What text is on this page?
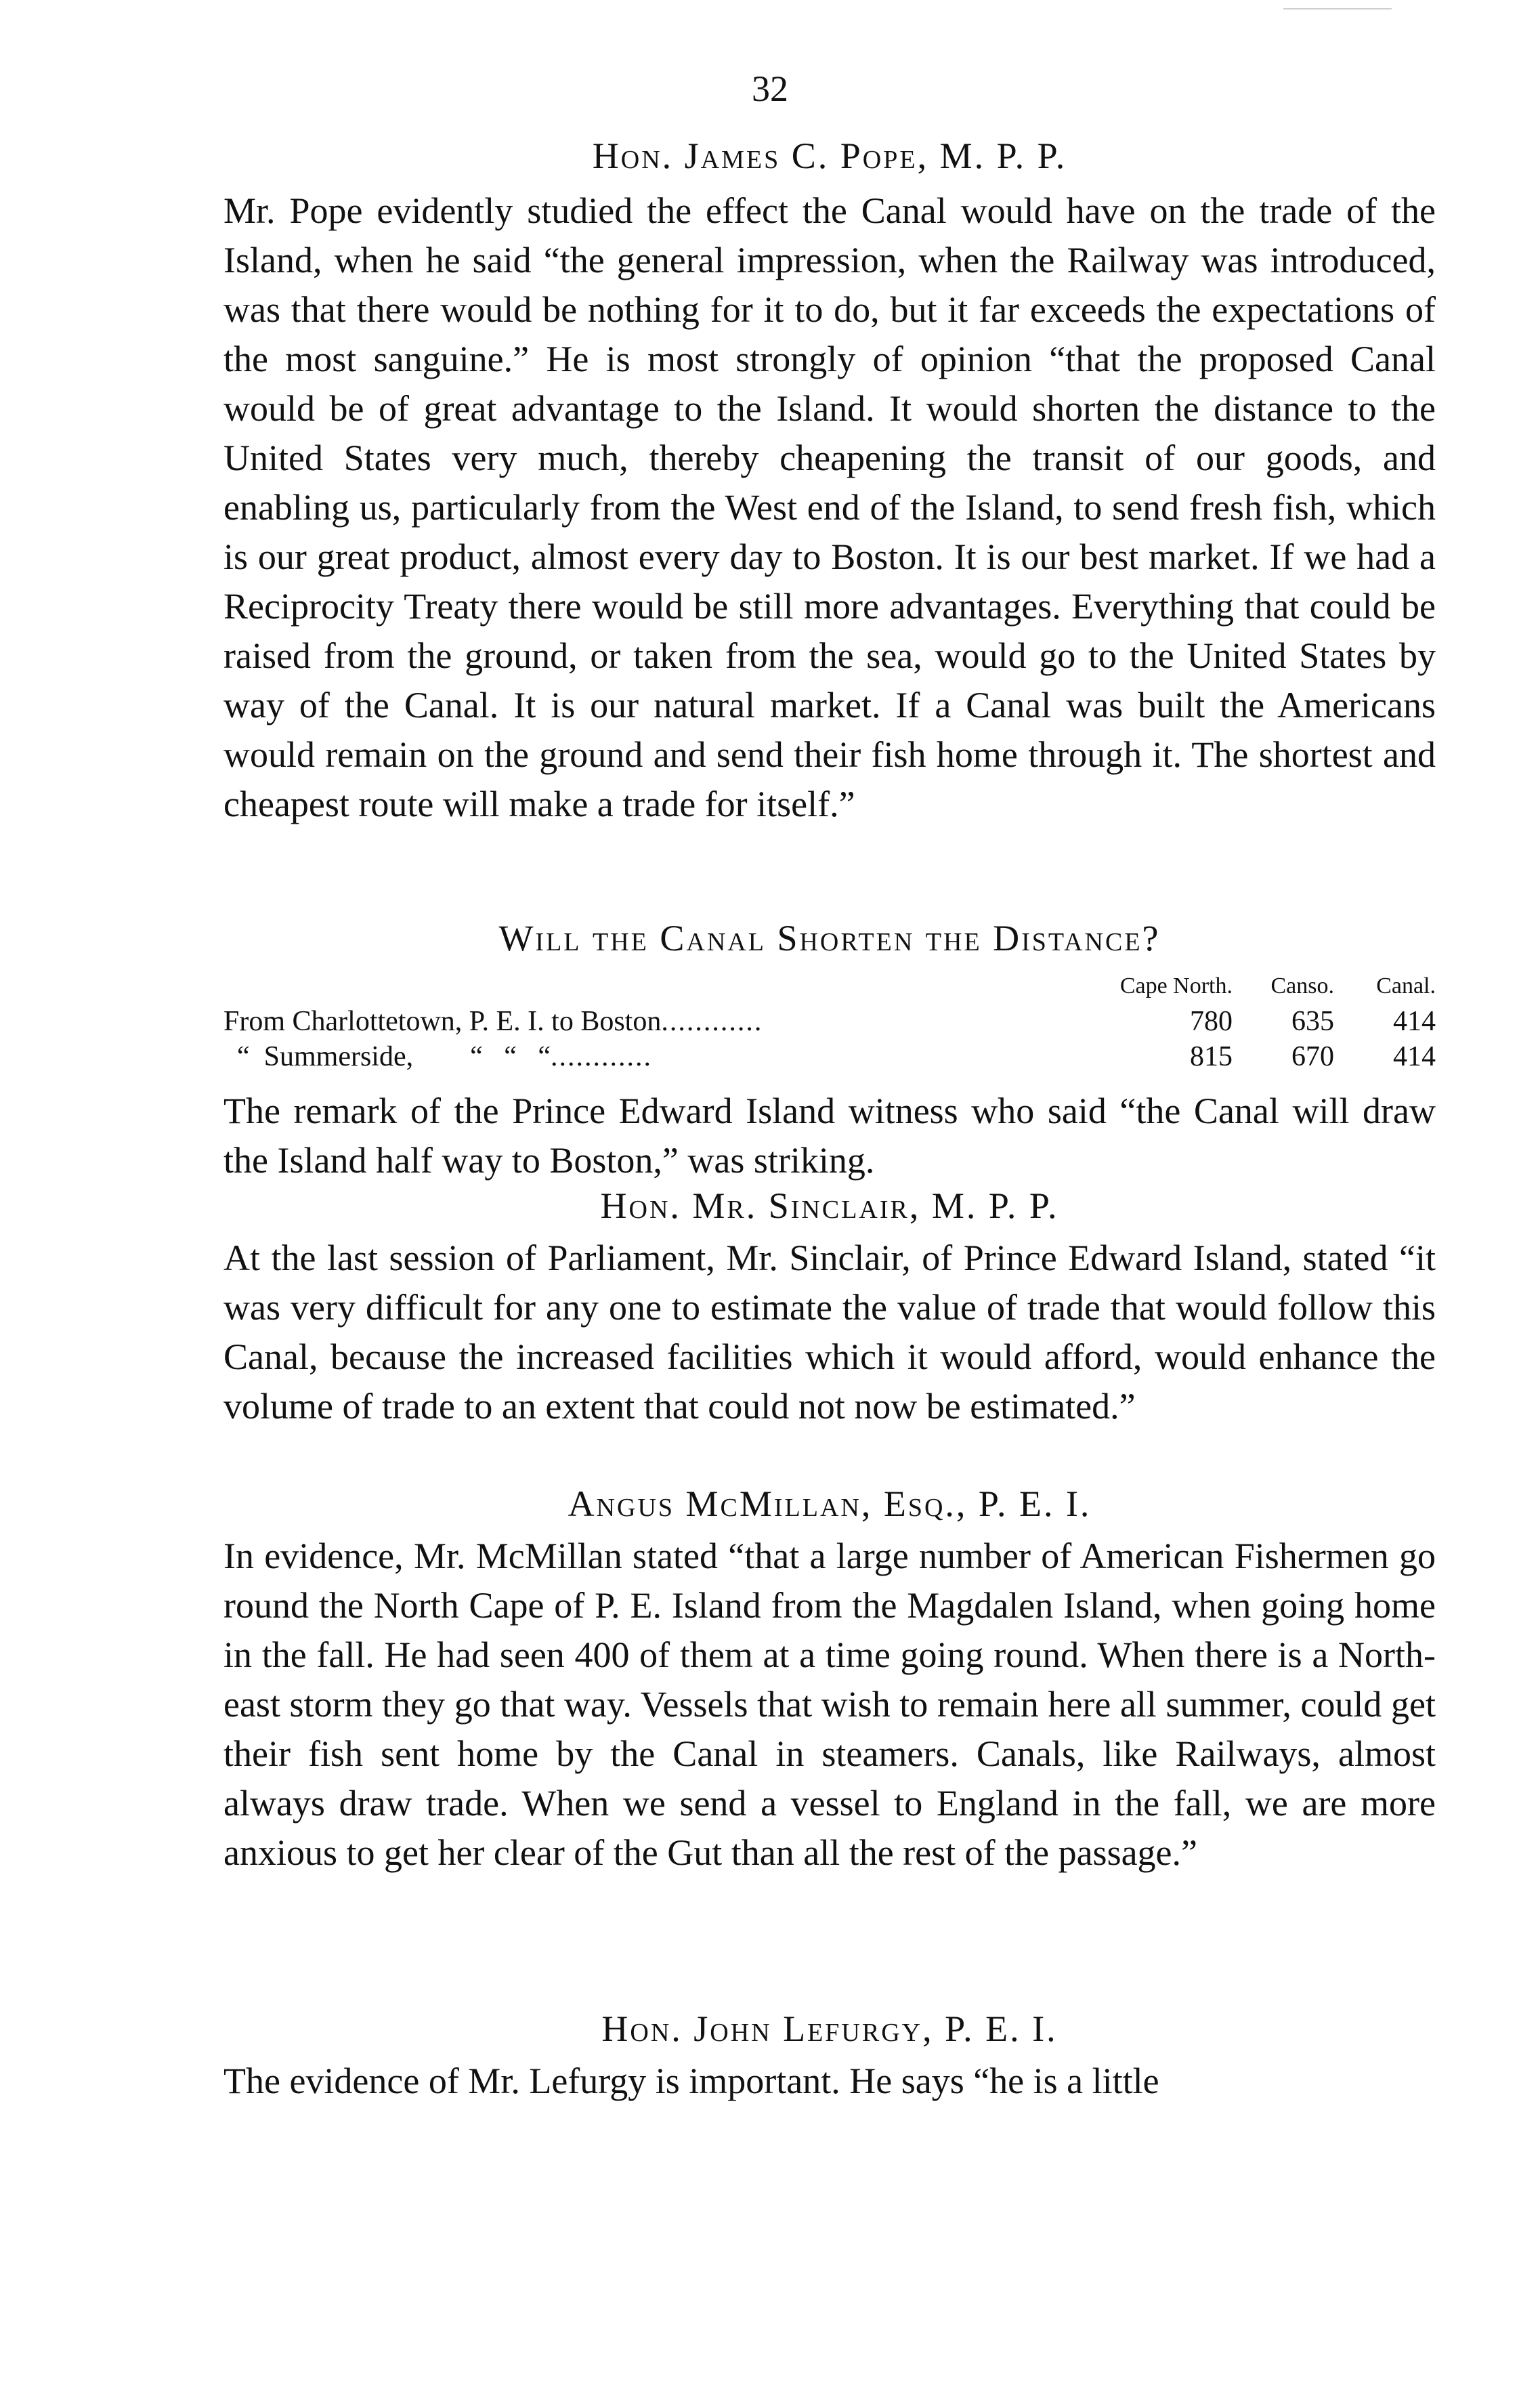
32

Hon. James C. Pope, M. P. P.

Mr. Pope evidently studied the effect the Canal would have on the trade of the Island, when he said “the general impression, when the Railway was introduced, was that there would be nothing for it to do, but it far exceeds the expectations of the most sanguine.” He is most strongly of opinion “that the proposed Canal would be of great advantage to the Island. It would shorten the distance to the United States very much, thereby cheapening the transit of our goods, and enabling us, particularly from the West end of the Island, to send fresh fish, which is our great product, almost every day to Boston. It is our best market. If we had a Reciprocity Treaty there would be still more advantages. Everything that could be raised from the ground, or taken from the sea, would go to the United States by way of the Canal. It is our natural market. If a Canal was built the Americans would remain on the ground and send their fish home through it. The shortest and cheapest route will make a trade for itself.”

Will the Canal Shorten the Distance?

Cape North.	Canso.	Canal.
From Charlottetown, P. E. I. to Boston............	780	635	414
“  Summerside,        “   “   “............	815	670	414

The remark of the Prince Edward Island witness who said “the Canal will draw the Island half way to Boston,” was striking.

Hon. Mr. Sinclair, M. P. P.

At the last session of Parliament, Mr. Sinclair, of Prince Edward Island, stated “it was very difficult for any one to estimate the value of trade that would follow this Canal, because the increased facilities which it would afford, would enhance the volume of trade to an extent that could not now be estimated.”

Angus McMillan, Esq., P. E. I.

In evidence, Mr. McMillan stated “that a large number of American Fishermen go round the North Cape of P. E. Island from the Magdalen Island, when going home in the fall. He had seen 400 of them at a time going round. When there is a North-east storm they go that way. Vessels that wish to remain here all summer, could get their fish sent home by the Canal in steamers. Canals, like Railways, almost always draw trade. When we send a vessel to England in the fall, we are more anxious to get her clear of the Gut than all the rest of the passage.”

Hon. John Lefurgy, P. E. I.

The evidence of Mr. Lefurgy is important. He says “he is a little
